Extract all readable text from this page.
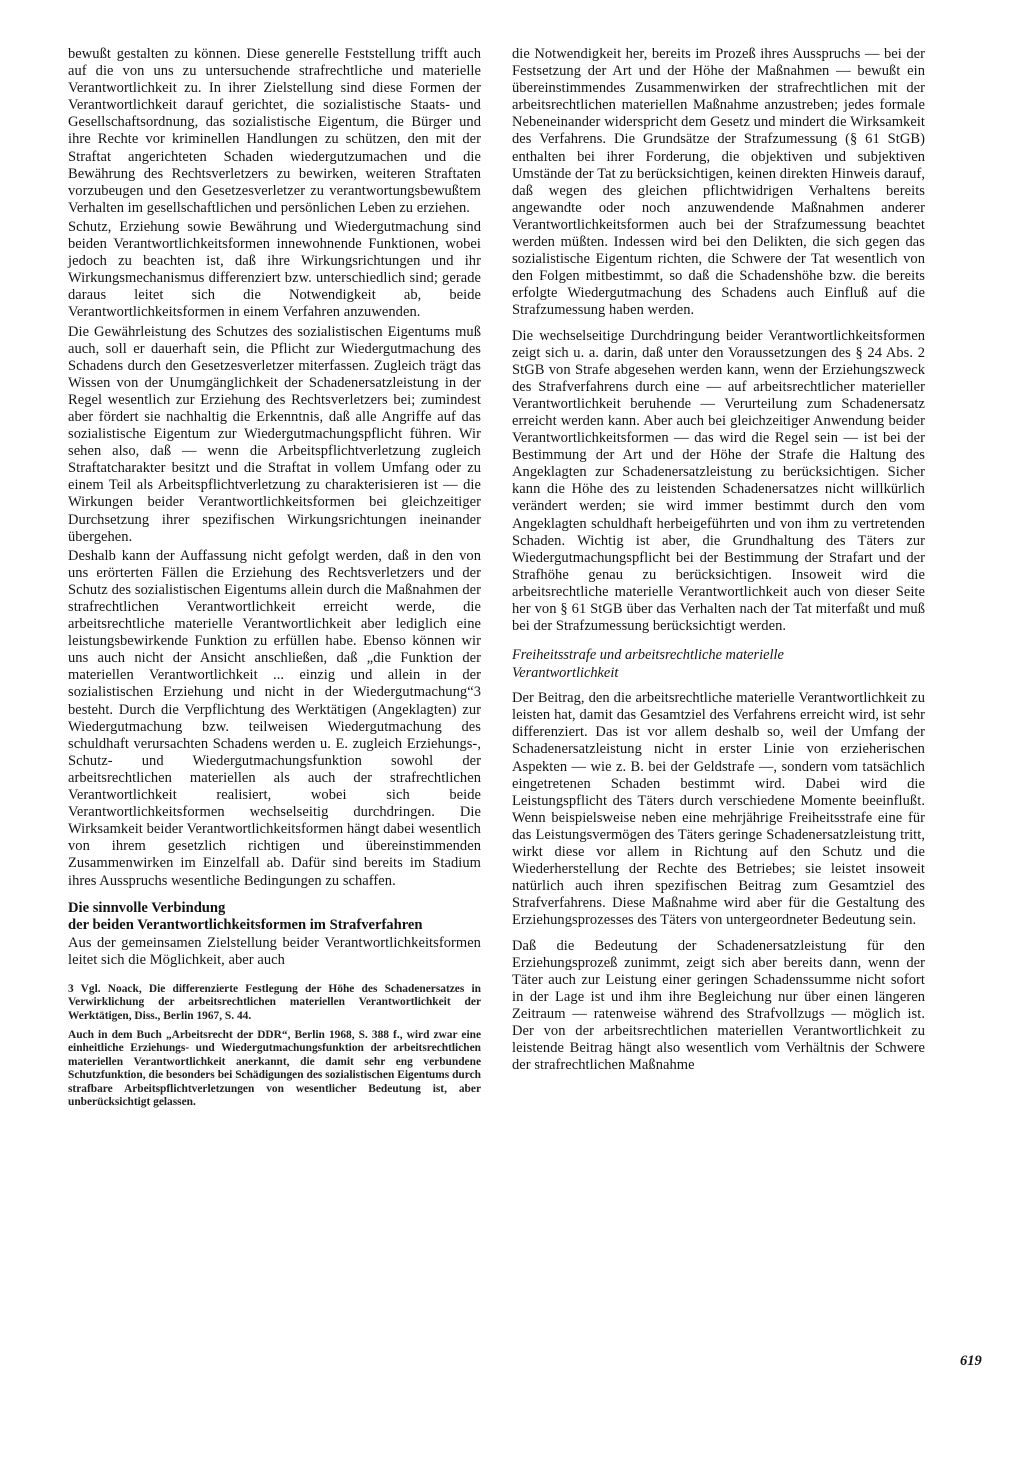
bewußt gestalten zu können. Diese generelle Feststellung trifft auch auf die von uns zu untersuchende strafrechtliche und materielle Verantwortlichkeit zu. In ihrer Zielstellung sind diese Formen der Verantwortlichkeit darauf gerichtet, die sozialistische Staats- und Gesellschaftsordnung, das sozialistische Eigentum, die Bürger und ihre Rechte vor kriminellen Handlungen zu schützen, den mit der Straftat angerichteten Schaden wiedergutzumachen und die Bewährung des Rechtsverletzers zu bewirken, weiteren Straftaten vorzubeugen und den Gesetzesverletzer zu verantwortungsbewußtem Verhalten im gesellschaftlichen und persönlichen Leben zu erziehen.

Schutz, Erziehung sowie Bewährung und Wiedergutmachung sind beiden Verantwortlichkeitsformen innewohnende Funktionen, wobei jedoch zu beachten ist, daß ihre Wirkungsrichtungen und ihr Wirkungsmechanismus differenziert bzw. unterschiedlich sind; gerade daraus leitet sich die Notwendigkeit ab, beide Verantwortlichkeitsformen in einem Verfahren anzuwenden.

Die Gewährleistung des Schutzes des sozialistischen Eigentums muß auch, soll er dauerhaft sein, die Pflicht zur Wiedergutmachung des Schadens durch den Gesetzesverletzer miterfassen. Zugleich trägt das Wissen von der Unumgänglichkeit der Schadenersatzleistung in der Regel wesentlich zur Erziehung des Rechtsverletzers bei; zumindest aber fördert sie nachhaltig die Erkenntnis, daß alle Angriffe auf das sozialistische Eigentum zur Wiedergutmachungspflicht führen. Wir sehen also, daß — wenn die Arbeitspflichtverletzung zugleich Straftatcharakter besitzt und die Straftat in vollem Umfang oder zu einem Teil als Arbeitspflichtverletzung zu charakterisieren ist — die Wirkungen beider Verantwortlichkeitsformen bei gleichzeitiger Durchsetzung ihrer spezifischen Wirkungsrichtungen ineinander übergehen.

Deshalb kann der Auffassung nicht gefolgt werden, daß in den von uns erörterten Fällen die Erziehung des Rechtsverletzers und der Schutz des sozialistischen Eigentums allein durch die Maßnahmen der strafrechtlichen Verantwortlichkeit erreicht werde, die arbeitsrechtliche materielle Verantwortlichkeit aber lediglich eine leistungsbewirkende Funktion zu erfüllen habe. Ebenso können wir uns auch nicht der Ansicht anschließen, daß „die Funktion der materiellen Verantwortlichkeit ... einzig und allein in der sozialistischen Erziehung und nicht in der Wiedergutmachung“3 besteht. Durch die Verpflichtung des Werktätigen (Angeklagten) zur Wiedergutmachung bzw. teilweisen Wiedergutmachung des schuldhaft verursachten Schadens werden u. E. zugleich Erziehungs-, Schutz- und Wiedergutmachungsfunktion sowohl der arbeitsrechtlichen materiellen als auch der strafrechtlichen Verantwortlichkeit realisiert, wobei sich beide Verantwortlichkeitsformen wechselseitig durchdringen. Die Wirksamkeit beider Verantwortlichkeitsformen hängt dabei wesentlich von ihrem gesetzlich richtigen und übereinstimmenden Zusammenwirken im Einzelfall ab. Dafür sind bereits im Stadium ihres Ausspruchs wesentliche Bedingungen zu schaffen.

Die sinnvolle Verbindung
der beiden Verantwortlichkeitsformen im Strafverfahren

Aus der gemeinsamen Zielstellung beider Verantwortlichkeitsformen leitet sich die Möglichkeit, aber auch

3 Vgl. Noack, Die differenzierte Festlegung der Höhe des Schadenersatzes in Verwirklichung der arbeitsrechtlichen materiellen Verantwortlichkeit der Werktätigen, Diss., Berlin 1967, S. 44.

Auch in dem Buch „Arbeitsrecht der DDR“, Berlin 1968, S. 388 f., wird zwar eine einheitliche Erziehungs- und Wiedergutmachungsfunktion der arbeitsrechtlichen materiellen Verantwortlichkeit anerkannt, die damit sehr eng verbundene Schutzfunktion, die besonders bei Schädigungen des sozialistischen Eigentums durch strafbare Arbeitspflichtverletzungen von wesentlicher Bedeutung ist, aber unberücksichtigt gelassen.

die Notwendigkeit her, bereits im Prozeß ihres Ausspruchs — bei der Festsetzung der Art und der Höhe der Maßnahmen — bewußt ein übereinstimmendes Zusammenwirken der strafrechtlichen mit der arbeitsrechtlichen materiellen Maßnahme anzustreben; jedes formale Nebeneinander widerspricht dem Gesetz und mindert die Wirksamkeit des Verfahrens. Die Grundsätze der Strafzumessung (§ 61 StGB) enthalten bei ihrer Forderung, die objektiven und subjektiven Umstände der Tat zu berücksichtigen, keinen direkten Hinweis darauf, daß wegen des gleichen pflichtwidrigen Verhaltens bereits angewandte oder noch anzuwendende Maßnahmen anderer Verantwortlichkeitsformen auch bei der Strafzumessung beachtet werden müßten. Indessen wird bei den Delikten, die sich gegen das sozialistische Eigentum richten, die Schwere der Tat wesentlich von den Folgen mitbestimmt, so daß die Schadenshöhe bzw. die bereits erfolgte Wiedergutmachung des Schadens auch Einfluß auf die Strafzumessung haben werden.

Die wechselseitige Durchdringung beider Verantwortlichkeitsformen zeigt sich u. a. darin, daß unter den Voraussetzungen des § 24 Abs. 2 StGB von Strafe abgesehen werden kann, wenn der Erziehungszweck des Strafverfahrens durch eine — auf arbeitsrechtlicher materieller Verantwortlichkeit beruhende — Verurteilung zum Schadenersatz erreicht werden kann. Aber auch bei gleichzeitiger Anwendung beider Verantwortlichkeitsformen — das wird die Regel sein — ist bei der Bestimmung der Art und der Höhe der Strafe die Haltung des Angeklagten zur Schadenersatzleistung zu berücksichtigen. Sicher kann die Höhe des zu leistenden Schadenersatzes nicht willkürlich verändert werden; sie wird immer bestimmt durch den vom Angeklagten schuldhaft herbeigeführten und von ihm zu vertretenden Schaden. Wichtig ist aber, die Grundhaltung des Täters zur Wiedergutmachungspflicht bei der Bestimmung der Strafart und der Strafhöhe genau zu berücksichtigen. Insoweit wird die arbeitsrechtliche materielle Verantwortlichkeit auch von dieser Seite her von § 61 StGB über das Verhalten nach der Tat miterfaßt und muß bei der Strafzumessung berücksichtigt werden.

Freiheitsstrafe und arbeitsrechtliche materielle
Verantwortlichkeit

Der Beitrag, den die arbeitsrechtliche materielle Verantwortlichkeit zu leisten hat, damit das Gesamtziel des Verfahrens erreicht wird, ist sehr differenziert. Das ist vor allem deshalb so, weil der Umfang der Schadenersatzleistung nicht in erster Linie von erzieherischen Aspekten — wie z. B. bei der Geldstrafe —, sondern vom tatsächlich eingetretenen Schaden bestimmt wird. Dabei wird die Leistungspflicht des Täters durch verschiedene Momente beeinflußt. Wenn beispielsweise neben eine mehrjährige Freiheitsstrafe eine für das Leistungsvermögen des Täters geringe Schadenersatzleistung tritt, wirkt diese vor allem in Richtung auf den Schutz und die Wiederherstellung der Rechte des Betriebes; sie leistet insoweit natürlich auch ihren spezifischen Beitrag zum Gesamtziel des Strafverfahrens. Diese Maßnahme wird aber für die Gestaltung des Erziehungsprozesses des Täters von untergeordneter Bedeutung sein.

Daß die Bedeutung der Schadenersatzleistung für den Erziehungsprozeß zunimmt, zeigt sich aber bereits dann, wenn der Täter auch zur Leistung einer geringen Schadenssumme nicht sofort in der Lage ist und ihm ihre Begleichung nur über einen längeren Zeitraum — ratenweise während des Strafvollzugs — möglich ist. Der von der arbeitsrechtlichen materiellen Verantwortlichkeit zu leistende Beitrag hängt also wesentlich vom Verhältnis der Schwere der strafrechtlichen Maßnahme

619
